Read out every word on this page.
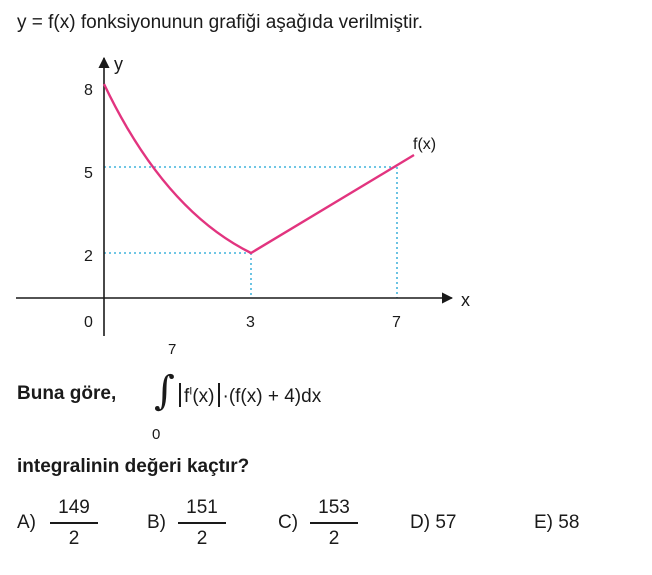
y = f(x) fonksiyonunun grafiği aşağıda verilmiştir.
y
x
f(x)
8
5
2
0	3	7
Buna göre,
7
∫
0
$f^I(x) \cdot(f(x) + 4)dx$
integralinin değeri kaçtır?
A)
149
2
B)
151
2
C)
153
2
D) 57	E) 58
